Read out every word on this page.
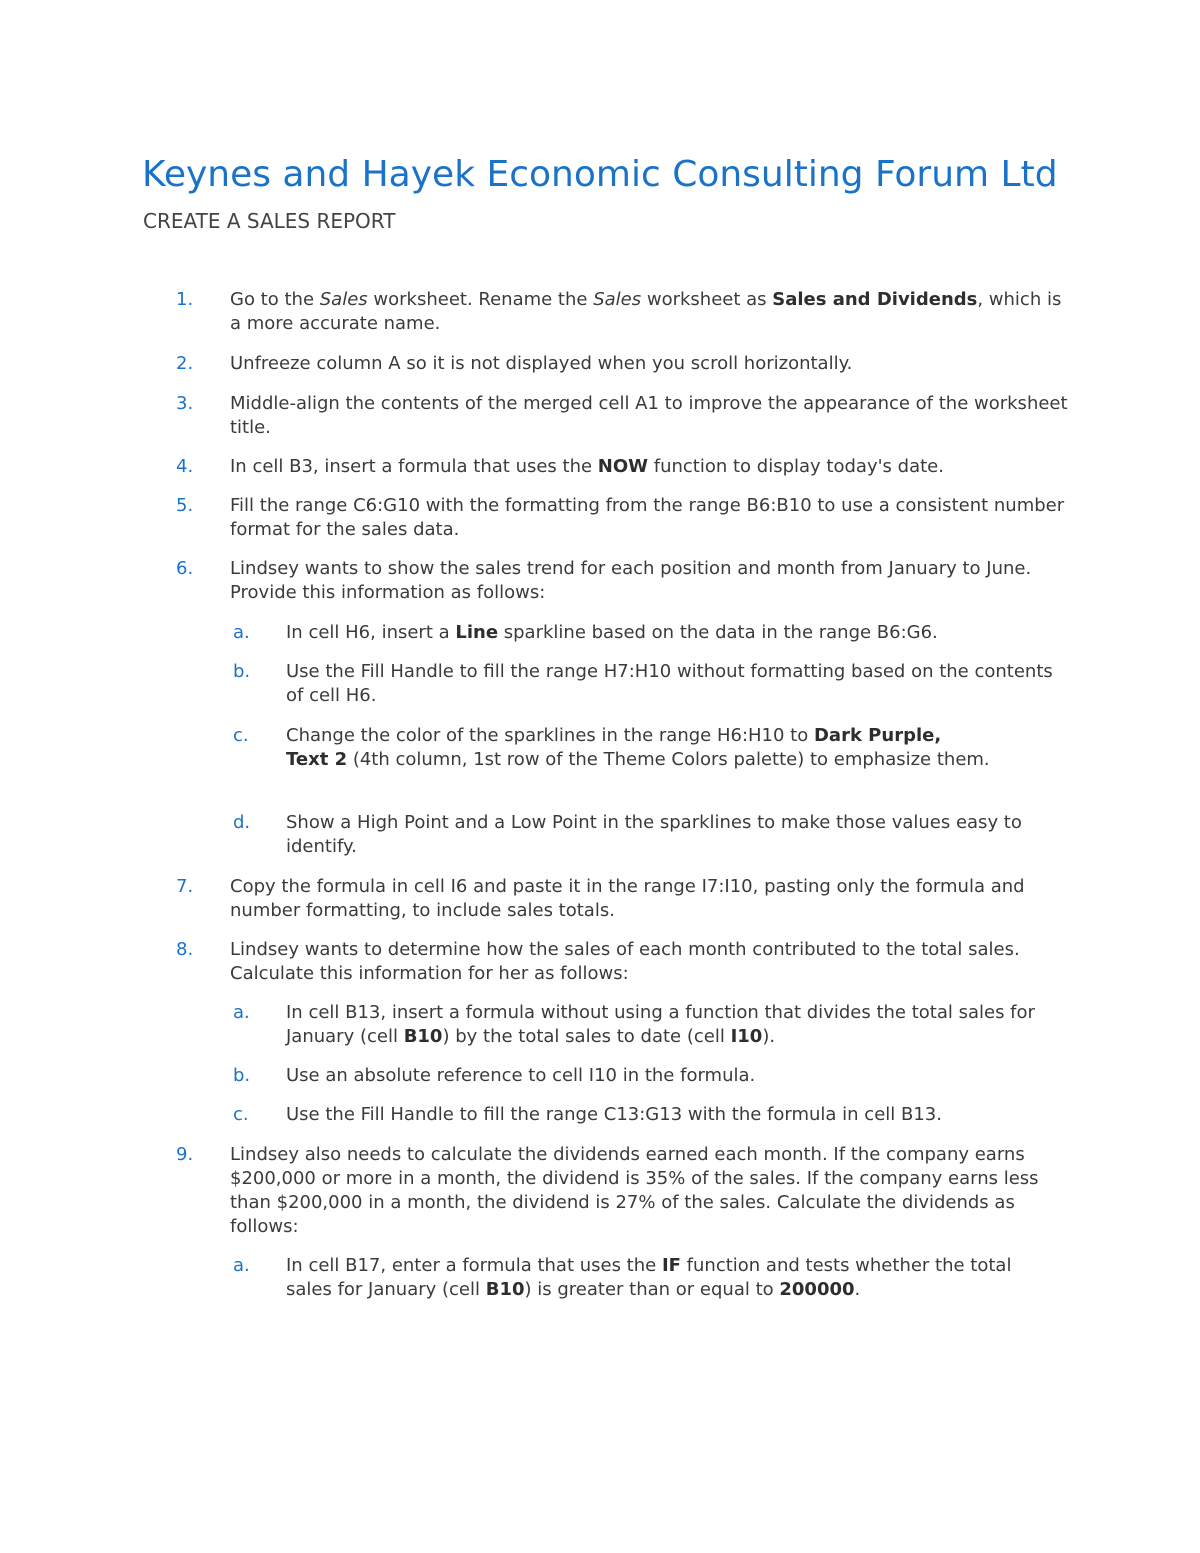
Keynes and Hayek Economic Consulting Forum Ltd
CREATE A SALES REPORT
1. Go to the Sales worksheet. Rename the Sales worksheet as Sales and Dividends, which is a more accurate name.
2. Unfreeze column A so it is not displayed when you scroll horizontally.
3. Middle-align the contents of the merged cell A1 to improve the appearance of the worksheet title.
4. In cell B3, insert a formula that uses the NOW function to display today's date.
5. Fill the range C6:G10 with the formatting from the range B6:B10 to use a consistent number format for the sales data.
6. Lindsey wants to show the sales trend for each position and month from January to June. Provide this information as follows:
a. In cell H6, insert a Line sparkline based on the data in the range B6:G6.
b. Use the Fill Handle to fill the range H7:H10 without formatting based on the contents of cell H6.
c. Change the color of the sparklines in the range H6:H10 to Dark Purple,
Text 2 (4th column, 1st row of the Theme Colors palette) to emphasize them.
d. Show a High Point and a Low Point in the sparklines to make those values easy to identify.
7. Copy the formula in cell I6 and paste it in the range I7:I10, pasting only the formula and number formatting, to include sales totals.
8. Lindsey wants to determine how the sales of each month contributed to the total sales. Calculate this information for her as follows:
a. In cell B13, insert a formula without using a function that divides the total sales for January (cell B10) by the total sales to date (cell I10).
b. Use an absolute reference to cell I10 in the formula.
c. Use the Fill Handle to fill the range C13:G13 with the formula in cell B13.
9. Lindsey also needs to calculate the dividends earned each month. If the company earns $200,000 or more in a month, the dividend is 35% of the sales. If the company earns less than $200,000 in a month, the dividend is 27% of the sales. Calculate the dividends as follows:
a. In cell B17, enter a formula that uses the IF function and tests whether the total sales for January (cell B10) is greater than or equal to 200000.
